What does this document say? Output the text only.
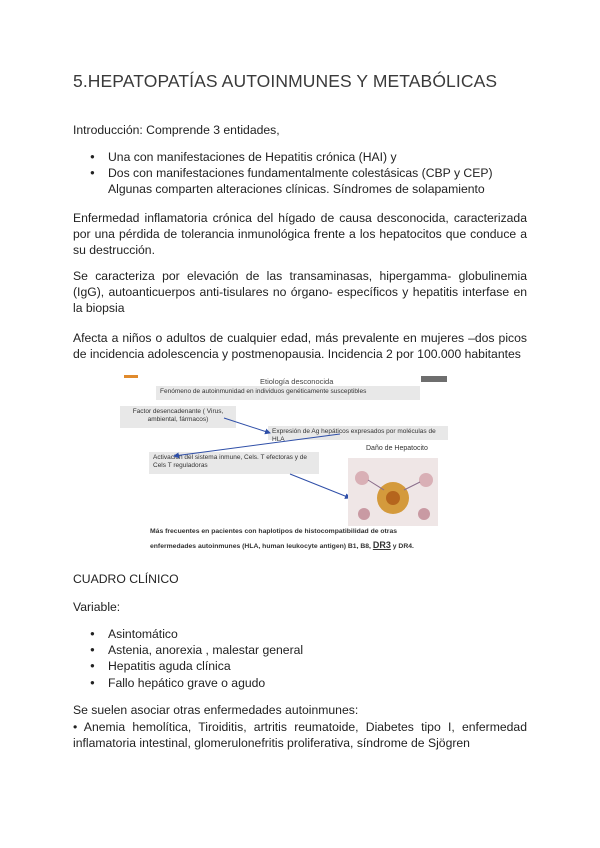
5.HEPATOPATÍAS AUTOINMUNES Y METABÓLICAS
Introducción: Comprende 3 entidades,
● Una con manifestaciones de Hepatitis crónica (HAI) y
● Dos con manifestaciones fundamentalmente colestásicas (CBP y CEP)
Algunas comparten alteraciones clínicas. Síndromes de solapamiento
Enfermedad inflamatoria crónica del hígado de causa desconocida, caracterizada por una pérdida de tolerancia inmunológica frente a los hepatocitos que conduce a su destrucción.
Se caracteriza por elevación de las transaminasas, hipergamma- globulinemia (IgG), autoanticuerpos anti-tisulares no órgano- específicos y hepatitis interfase en la biopsia
Afecta a niños o adultos de cualquier edad, más prevalente en mujeres –dos picos de incidencia adolescencia y postmenopausia. Incidencia 2 por 100.000 habitantes
Etiología desconocida
Fenómeno de autoinmunidad en individuos genéticamente susceptibles
Factor desencadenante ( Virus, ambiental, fármacos)
Expresión de Ag hepáticos expresados por moléculas de HLA
Activación del sistema inmune, Cels. T efectoras y de Cels T reguladoras
Daño de Hepatocito
Más frecuentes en pacientes con haplotipos de histocompatibilidad de otras
enfermedades autoinmunes (HLA, human leukocyte antigen) B1, B8, DR3 y DR4.
CUADRO CLÍNICO
Variable:
● Asintomático
● Astenia, anorexia , malestar general
● Hepatitis aguda clínica
● Fallo hepático grave o agudo
Se suelen asociar otras enfermedades autoinmunes:
• Anemia hemolítica, Tiroiditis, artritis reumatoide, Diabetes tipo I, enfermedad inflamatoria intestinal, glomerulonefritis proliferativa, síndrome de Sjögren
